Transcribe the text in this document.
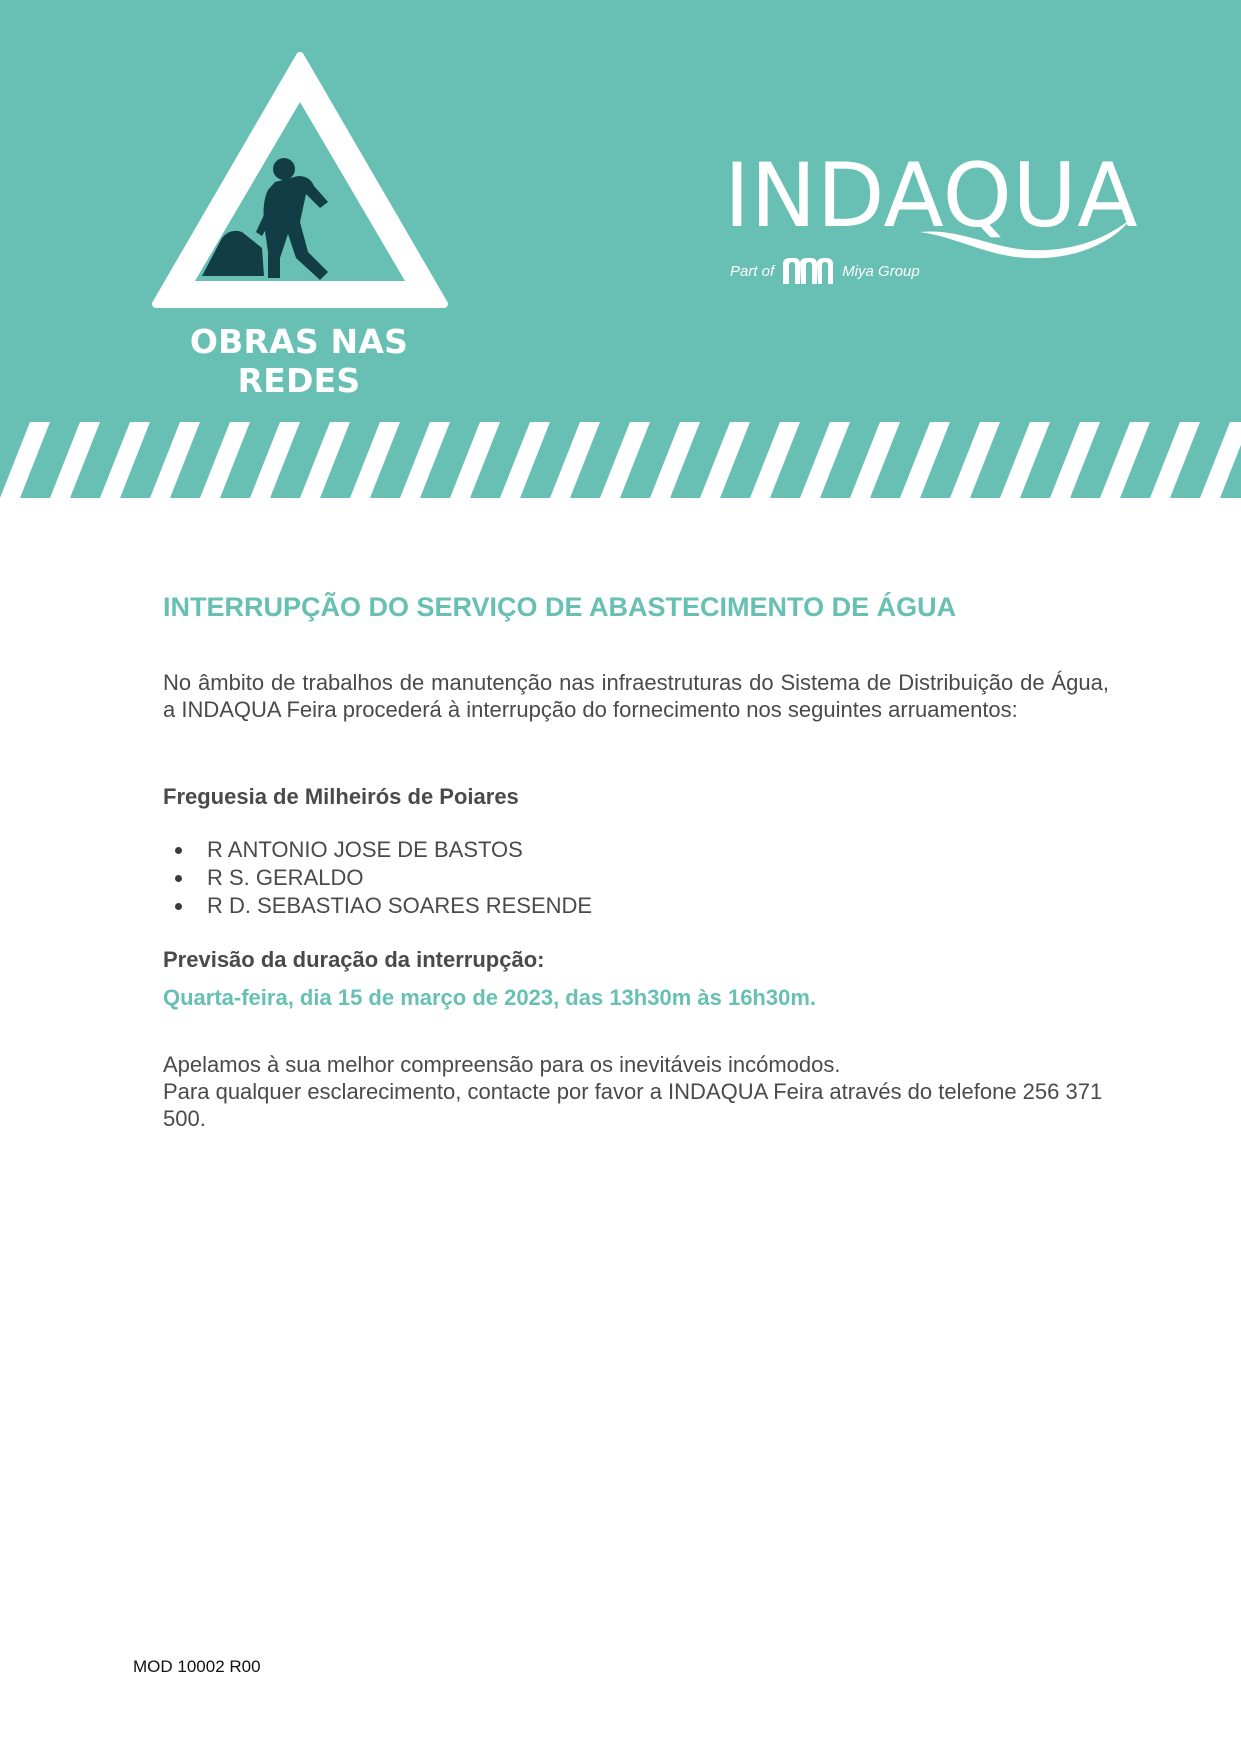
OBRAS NAS REDES
INDAQUA
Part of	Miya Group
INTERRUPÇÃO DO SERVIÇO DE ABASTECIMENTO DE ÁGUA

No âmbito de trabalhos de manutenção nas infraestruturas do Sistema de Distribuição de Água, a INDAQUA Feira procederá à interrupção do fornecimento nos seguintes arruamentos:

Freguesia de Milheirós de Poiares

R ANTONIO JOSE DE BASTOS
R S. GERALDO
R D. SEBASTIAO SOARES RESENDE

Previsão da duração da interrupção:

Quarta-feira, dia 15 de março de 2023, das 13h30m às 16h30m.

Apelamos à sua melhor compreensão para os inevitáveis incómodos.
Para qualquer esclarecimento, contacte por favor a INDAQUA Feira através do telefone 256 371 500.
MOD 10002 R00
